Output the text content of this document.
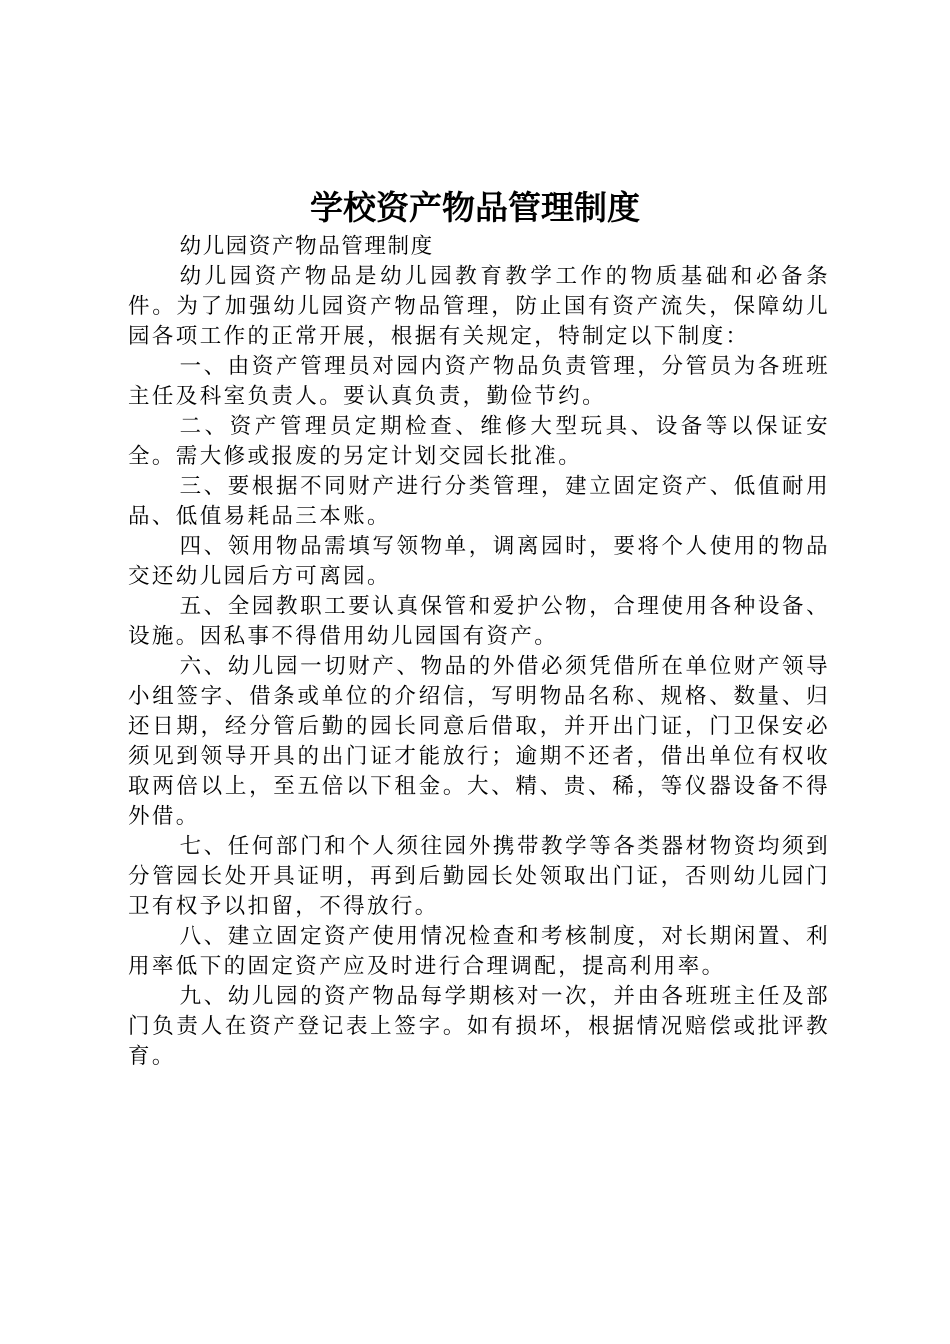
学校资产物品管理制度

幼儿园资产物品管理制度

幼儿园资产物品是幼儿园教育教学工作的物质基础和必备条件。为了加强幼儿园资产物品管理，防止国有资产流失，保障幼儿园各项工作的正常开展，根据有关规定，特制定以下制度：

一、由资产管理员对园内资产物品负责管理，分管员为各班班主任及科室负责人。要认真负责，勤俭节约。

二、资产管理员定期检查、维修大型玩具、设备等以保证安全。需大修或报废的另定计划交园长批准。

三、要根据不同财产进行分类管理，建立固定资产、低值耐用品、低值易耗品三本账。

四、领用物品需填写领物单，调离园时，要将个人使用的物品交还幼儿园后方可离园。

五、全园教职工要认真保管和爱护公物，合理使用各种设备、设施。因私事不得借用幼儿园国有资产。

六、幼儿园一切财产、物品的外借必须凭借所在单位财产领导小组签字、借条或单位的介绍信，写明物品名称、规格、数量、归还日期，经分管后勤的园长同意后借取，并开出门证，门卫保安必须见到领导开具的出门证才能放行；逾期不还者，借出单位有权收取两倍以上，至五倍以下租金。大、精、贵、稀，等仪器设备不得外借。

七、任何部门和个人须往园外携带教学等各类器材物资均须到分管园长处开具证明，再到后勤园长处领取出门证，否则幼儿园门卫有权予以扣留，不得放行。

八、建立固定资产使用情况检查和考核制度，对长期闲置、利用率低下的固定资产应及时进行合理调配，提高利用率。

九、幼儿园的资产物品每学期核对一次，并由各班班主任及部门负责人在资产登记表上签字。如有损坏，根据情况赔偿或批评教育。
